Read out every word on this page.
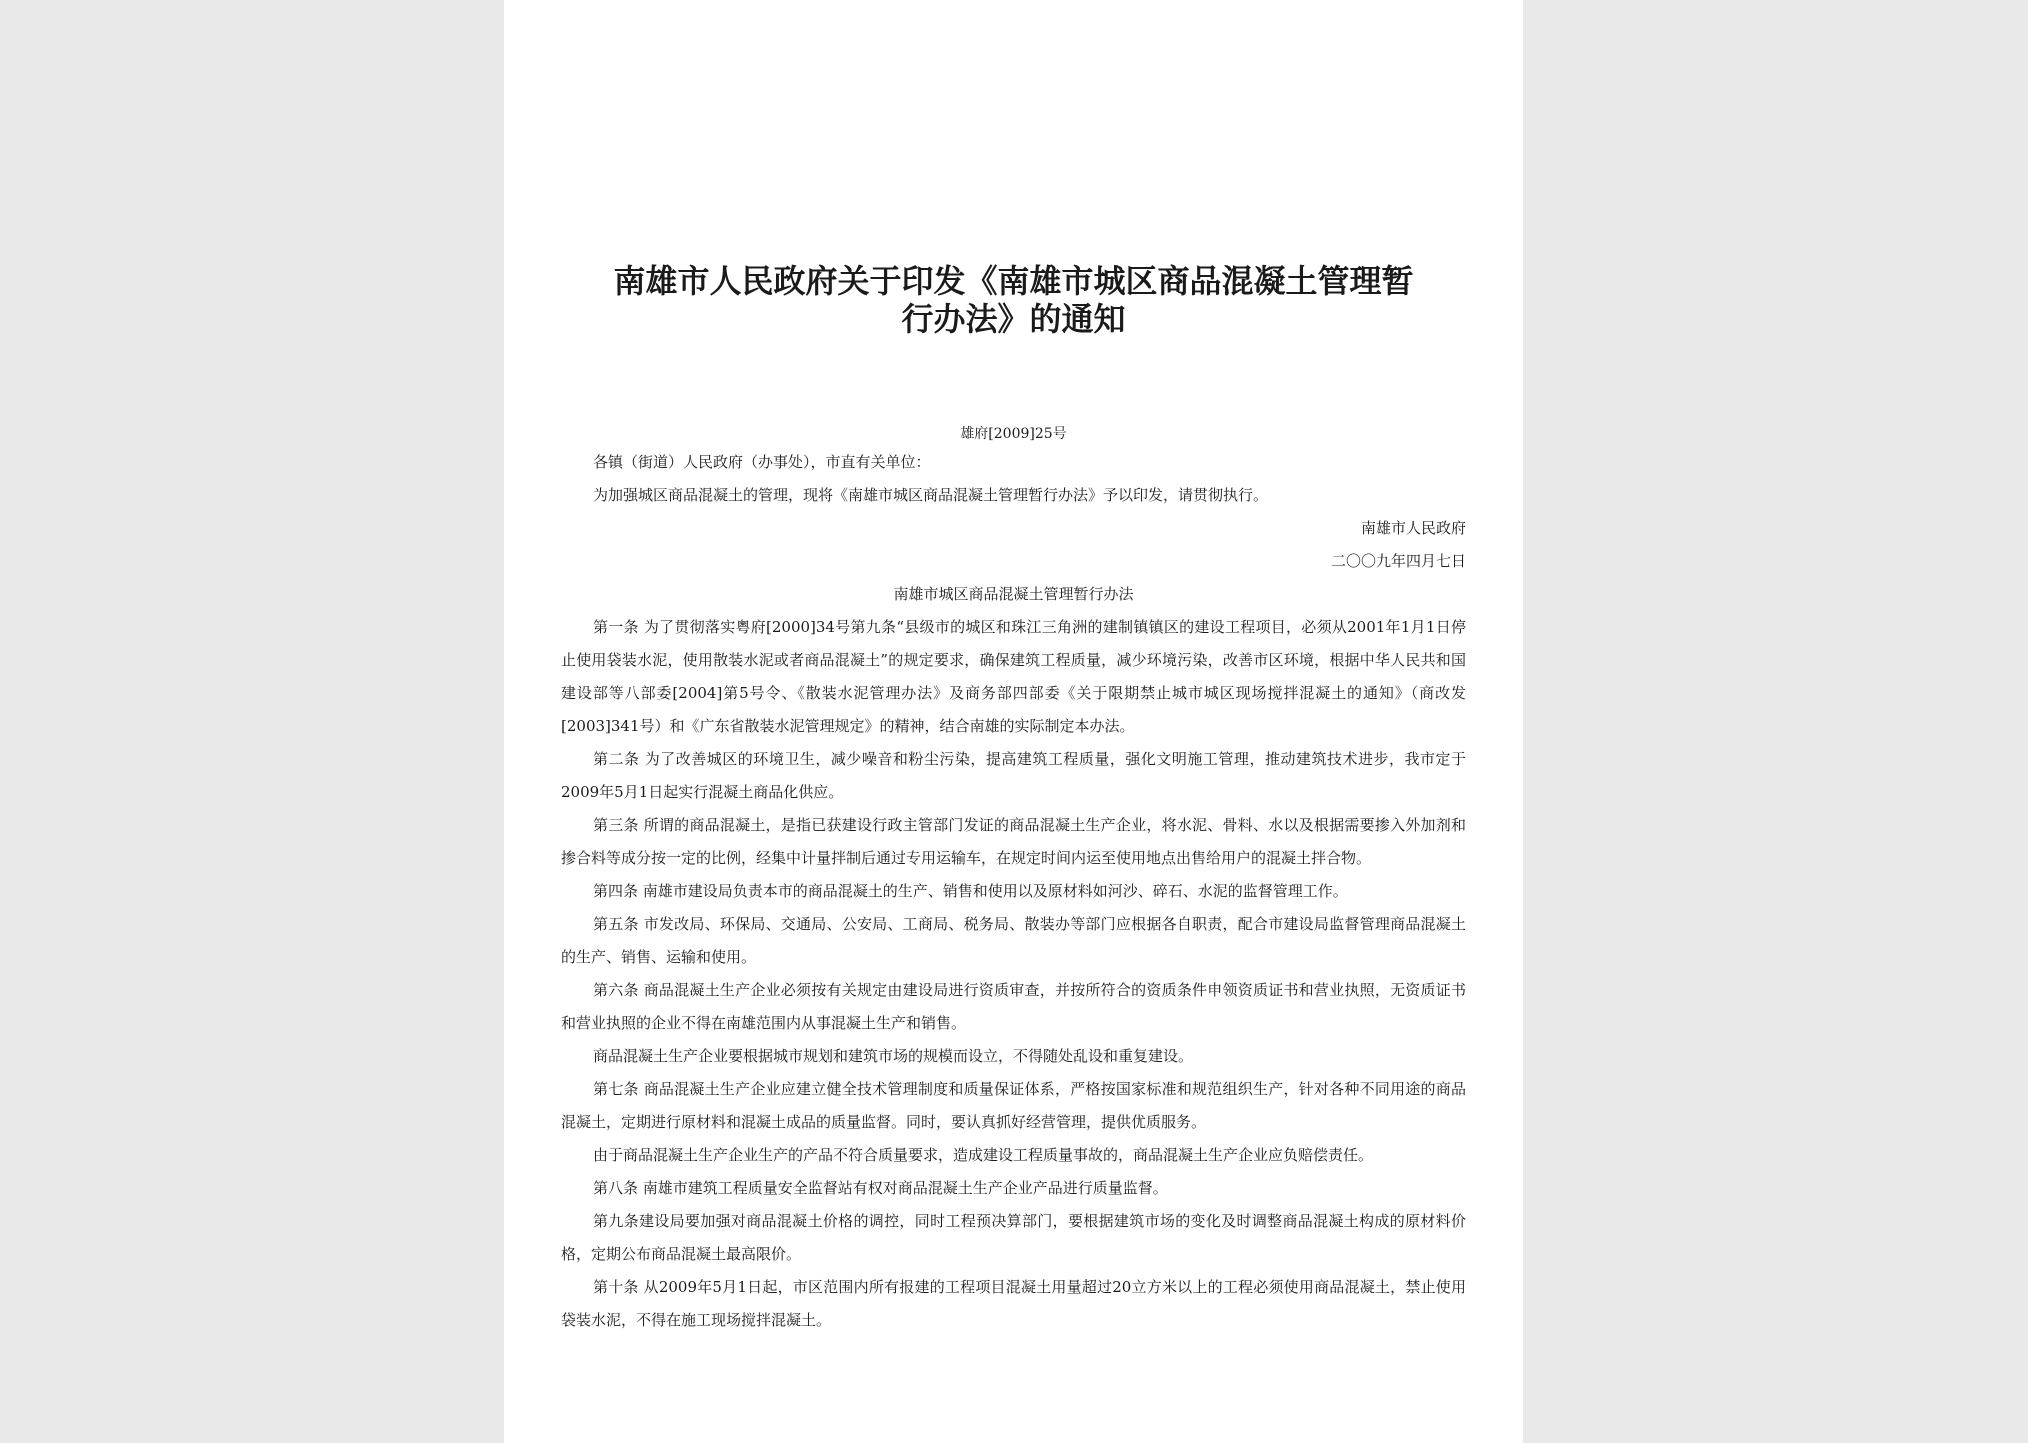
南雄市人民政府关于印发《南雄市城区商品混凝土管理暂行办法》的通知
雄府[2009]25号

各镇（街道）人民政府（办事处），市直有关单位：

为加强城区商品混凝土的管理，现将《南雄市城区商品混凝土管理暂行办法》予以印发，请贯彻执行。

南雄市人民政府

二〇〇九年四月七日

南雄市城区商品混凝土管理暂行办法

第一条 为了贯彻落实粤府[2000]34号第九条“县级市的城区和珠江三角洲的建制镇镇区的建设工程项目，必须从2001年1月1日停止使用袋装水泥，使用散装水泥或者商品混凝土”的规定要求，确保建筑工程质量，减少环境污染，改善市区环境，根据中华人民共和国建设部等八部委[2004]第5号令、《散装水泥管理办法》及商务部四部委《关于限期禁止城市城区现场搅拌混凝土的通知》（商改发[2003]341号）和《广东省散装水泥管理规定》的精神，结合南雄的实际制定本办法。

第二条 为了改善城区的环境卫生，减少噪音和粉尘污染，提高建筑工程质量，强化文明施工管理，推动建筑技术进步，我市定于2009年5月1日起实行混凝土商品化供应。

第三条 所谓的商品混凝土，是指已获建设行政主管部门发证的商品混凝土生产企业，将水泥、骨料、水以及根据需要掺入外加剂和掺合料等成分按一定的比例，经集中计量拌制后通过专用运输车，在规定时间内运至使用地点出售给用户的混凝土拌合物。

第四条 南雄市建设局负责本市的商品混凝土的生产、销售和使用以及原材料如河沙、碎石、水泥的监督管理工作。

第五条 市发改局、环保局、交通局、公安局、工商局、税务局、散装办等部门应根据各自职责，配合市建设局监督管理商品混凝土的生产、销售、运输和使用。

第六条 商品混凝土生产企业必须按有关规定由建设局进行资质审查，并按所符合的资质条件申领资质证书和营业执照，无资质证书和营业执照的企业不得在南雄范围内从事混凝土生产和销售。

商品混凝土生产企业要根据城市规划和建筑市场的规模而设立，不得随处乱设和重复建设。

第七条 商品混凝土生产企业应建立健全技术管理制度和质量保证体系，严格按国家标准和规范组织生产，针对各种不同用途的商品混凝土，定期进行原材料和混凝土成品的质量监督。同时，要认真抓好经营管理，提供优质服务。

由于商品混凝土生产企业生产的产品不符合质量要求，造成建设工程质量事故的，商品混凝土生产企业应负赔偿责任。

第八条 南雄市建筑工程质量安全监督站有权对商品混凝土生产企业产品进行质量监督。

第九条建设局要加强对商品混凝土价格的调控，同时工程预决算部门，要根据建筑市场的变化及时调整商品混凝土构成的原材料价格，定期公布商品混凝土最高限价。

第十条 从2009年5月1日起，市区范围内所有报建的工程项目混凝土用量超过20立方米以上的工程必须使用商品混凝土，禁止使用袋装水泥，不得在施工现场搅拌混凝土。
